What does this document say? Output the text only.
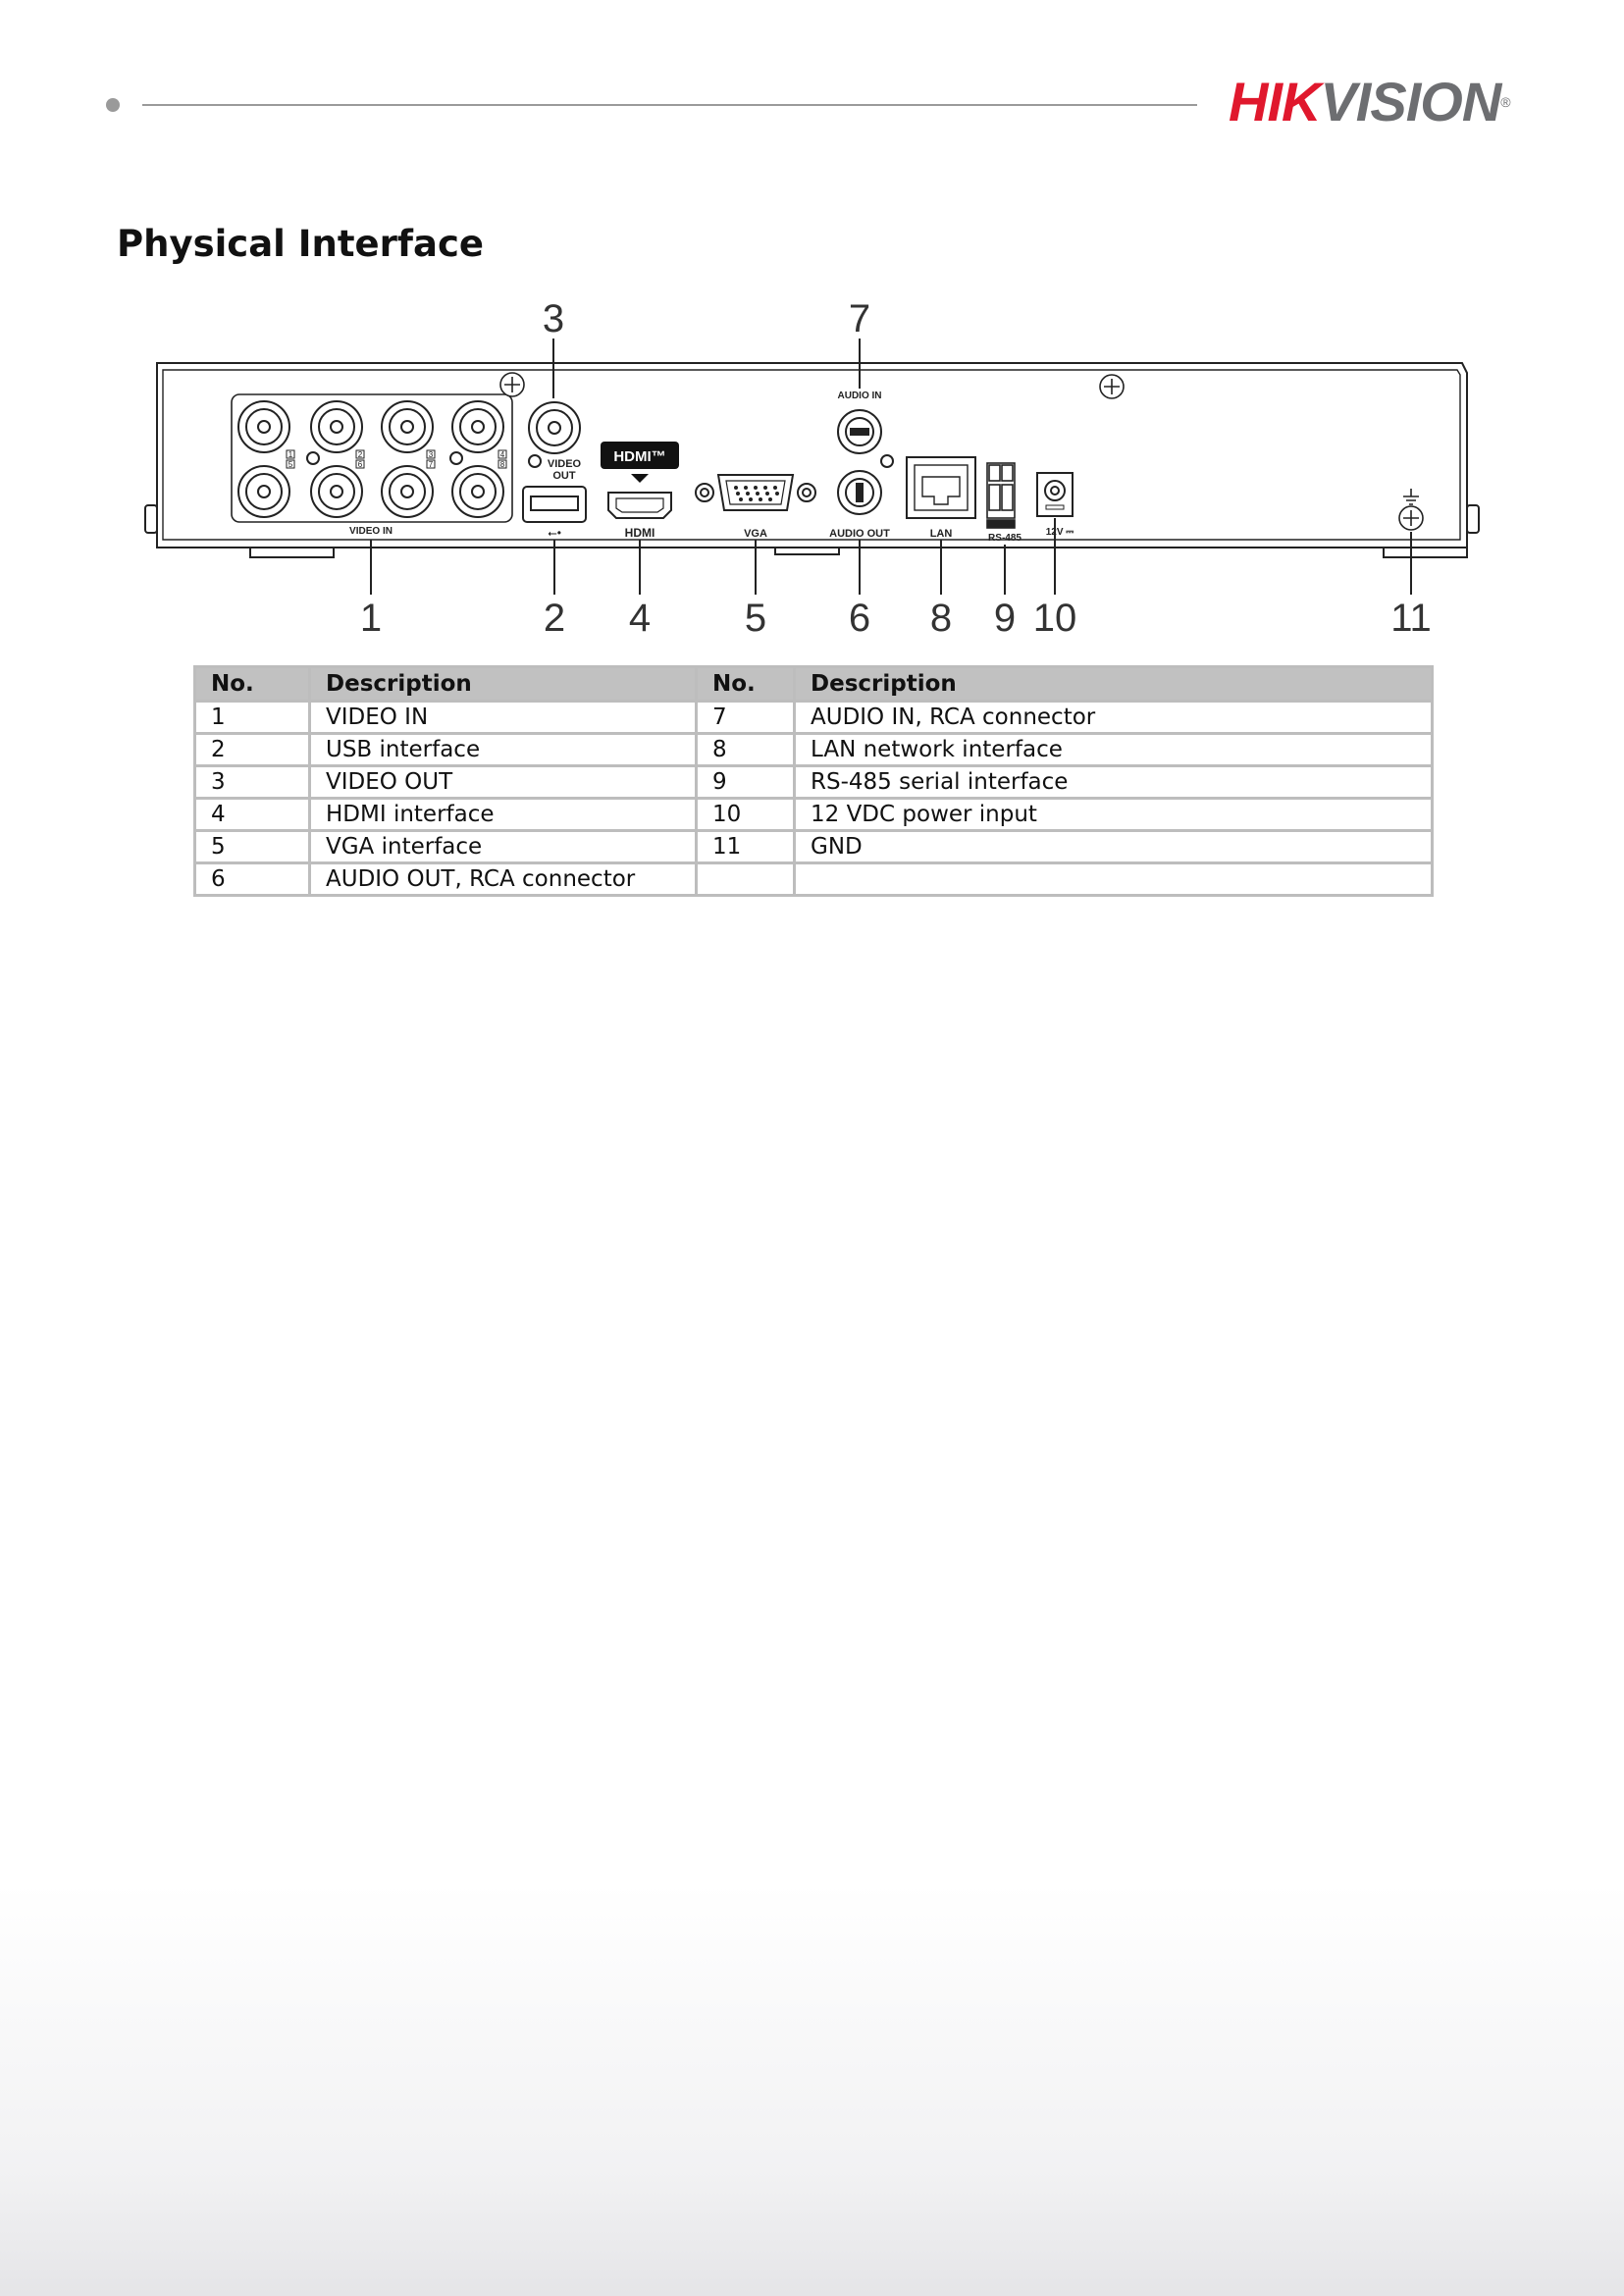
HIKVISION®
Physical Interface
1
5
2
6
3
7
4
8
VIDEO IN
VIDEO
OUT
⭠•
HDMI™
HDMI	VGA
AUDIO IN
AUDIO OUT	LAN	RS-485
12V ⎓
3	7
1	2 4 5 6 8 9 10	11
No.	Description	No.	Description
1	VIDEO IN	7	AUDIO IN, RCA connector
2	USB interface	8	LAN network interface
3	VIDEO OUT	9	RS-485 serial interface
4	HDMI interface	10	12 VDC power input
5	VGA interface	11	GND
6	AUDIO OUT, RCA connector		
